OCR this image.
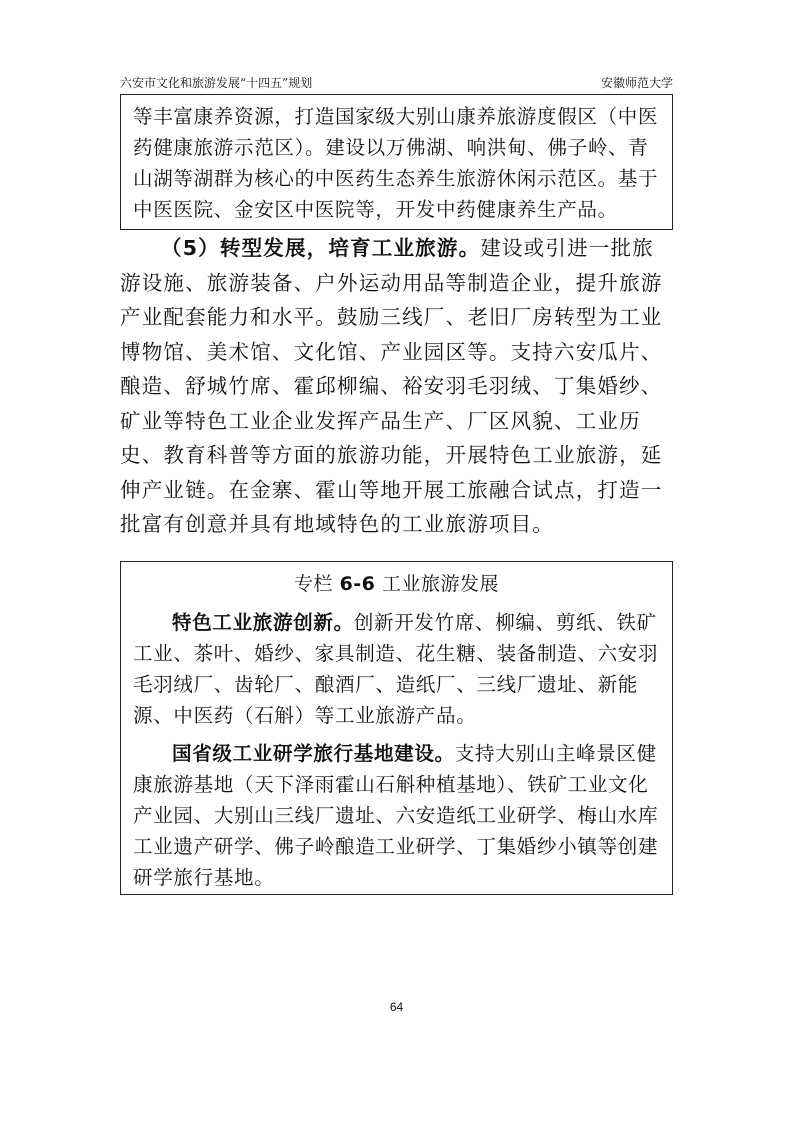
六安市文化和旅游发展“十四五”规划	安徽师范大学
等丰富康养资源，打造国家级大别山康养旅游度假区（中医药健康旅游示范区）。建设以万佛湖、响洪甸、佛子岭、青山湖等湖群为核心的中医药生态养生旅游休闲示范区。基于中医医院、金安区中医院等，开发中药健康养生产品。

（5）转型发展，培育工业旅游。建设或引进一批旅游设施、旅游装备、户外运动用品等制造企业，提升旅游产业配套能力和水平。鼓励三线厂、老旧厂房转型为工业博物馆、美术馆、文化馆、产业园区等。支持六安瓜片、酿造、舒城竹席、霍邱柳编、裕安羽毛羽绒、丁集婚纱、矿业等特色工业企业发挥产品生产、厂区风貌、工业历史、教育科普等方面的旅游功能，开展特色工业旅游，延伸产业链。在金寨、霍山等地开展工旅融合试点，打造一批富有创意并具有地域特色的工业旅游项目。

专栏 6-6 工业旅游发展

特色工业旅游创新。创新开发竹席、柳编、剪纸、铁矿工业、茶叶、婚纱、家具制造、花生糖、装备制造、六安羽毛羽绒厂、齿轮厂、酿酒厂、造纸厂、三线厂遗址、新能源、中医药（石斛）等工业旅游产品。

国省级工业研学旅行基地建设。支持大别山主峰景区健康旅游基地（天下泽雨霍山石斛种植基地）、铁矿工业文化产业园、大别山三线厂遗址、六安造纸工业研学、梅山水库工业遗产研学、佛子岭酿造工业研学、丁集婚纱小镇等创建研学旅行基地。

64
